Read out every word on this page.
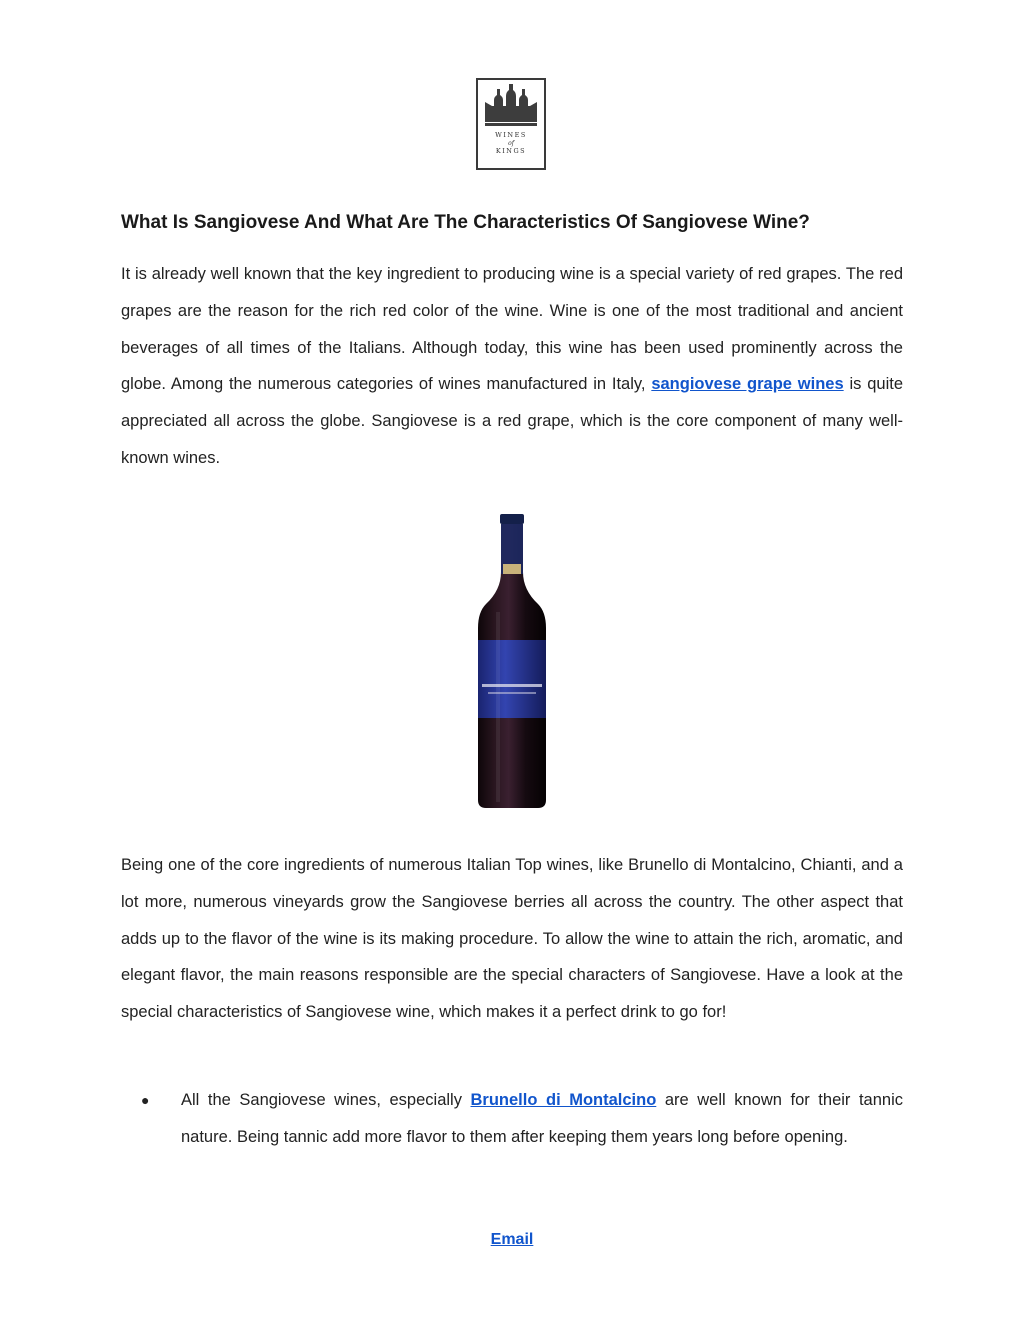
WINES
of
KINGS
What Is Sangiovese And What Are The Characteristics Of Sangiovese Wine?

It is already well known that the key ingredient to producing wine is a special variety of red grapes. The red grapes are the reason for the rich red color of the wine. Wine is one of the most traditional and ancient beverages of all times of the Italians. Although today, this wine has been used prominently across the globe. Among the numerous categories of wines manufactured in Italy, sangiovese grape wines is quite appreciated all across the globe. Sangiovese is a red grape, which is the core component of many well-known wines.

Being one of the core ingredients of numerous Italian Top wines, like Brunello di Montalcino, Chianti, and a lot more, numerous vineyards grow the Sangiovese berries all across the country. The other aspect that adds up to the flavor of the wine is its making procedure. To allow the wine to attain the rich, aromatic, and elegant flavor, the main reasons responsible are the special characters of Sangiovese. Have a look at the special characteristics of Sangiovese wine, which makes it a perfect drink to go for!

● All the Sangiovese wines, especially Brunello di Montalcino are well known for their tannic nature. Being tannic add more flavor to them after keeping them years long before opening.

Email
